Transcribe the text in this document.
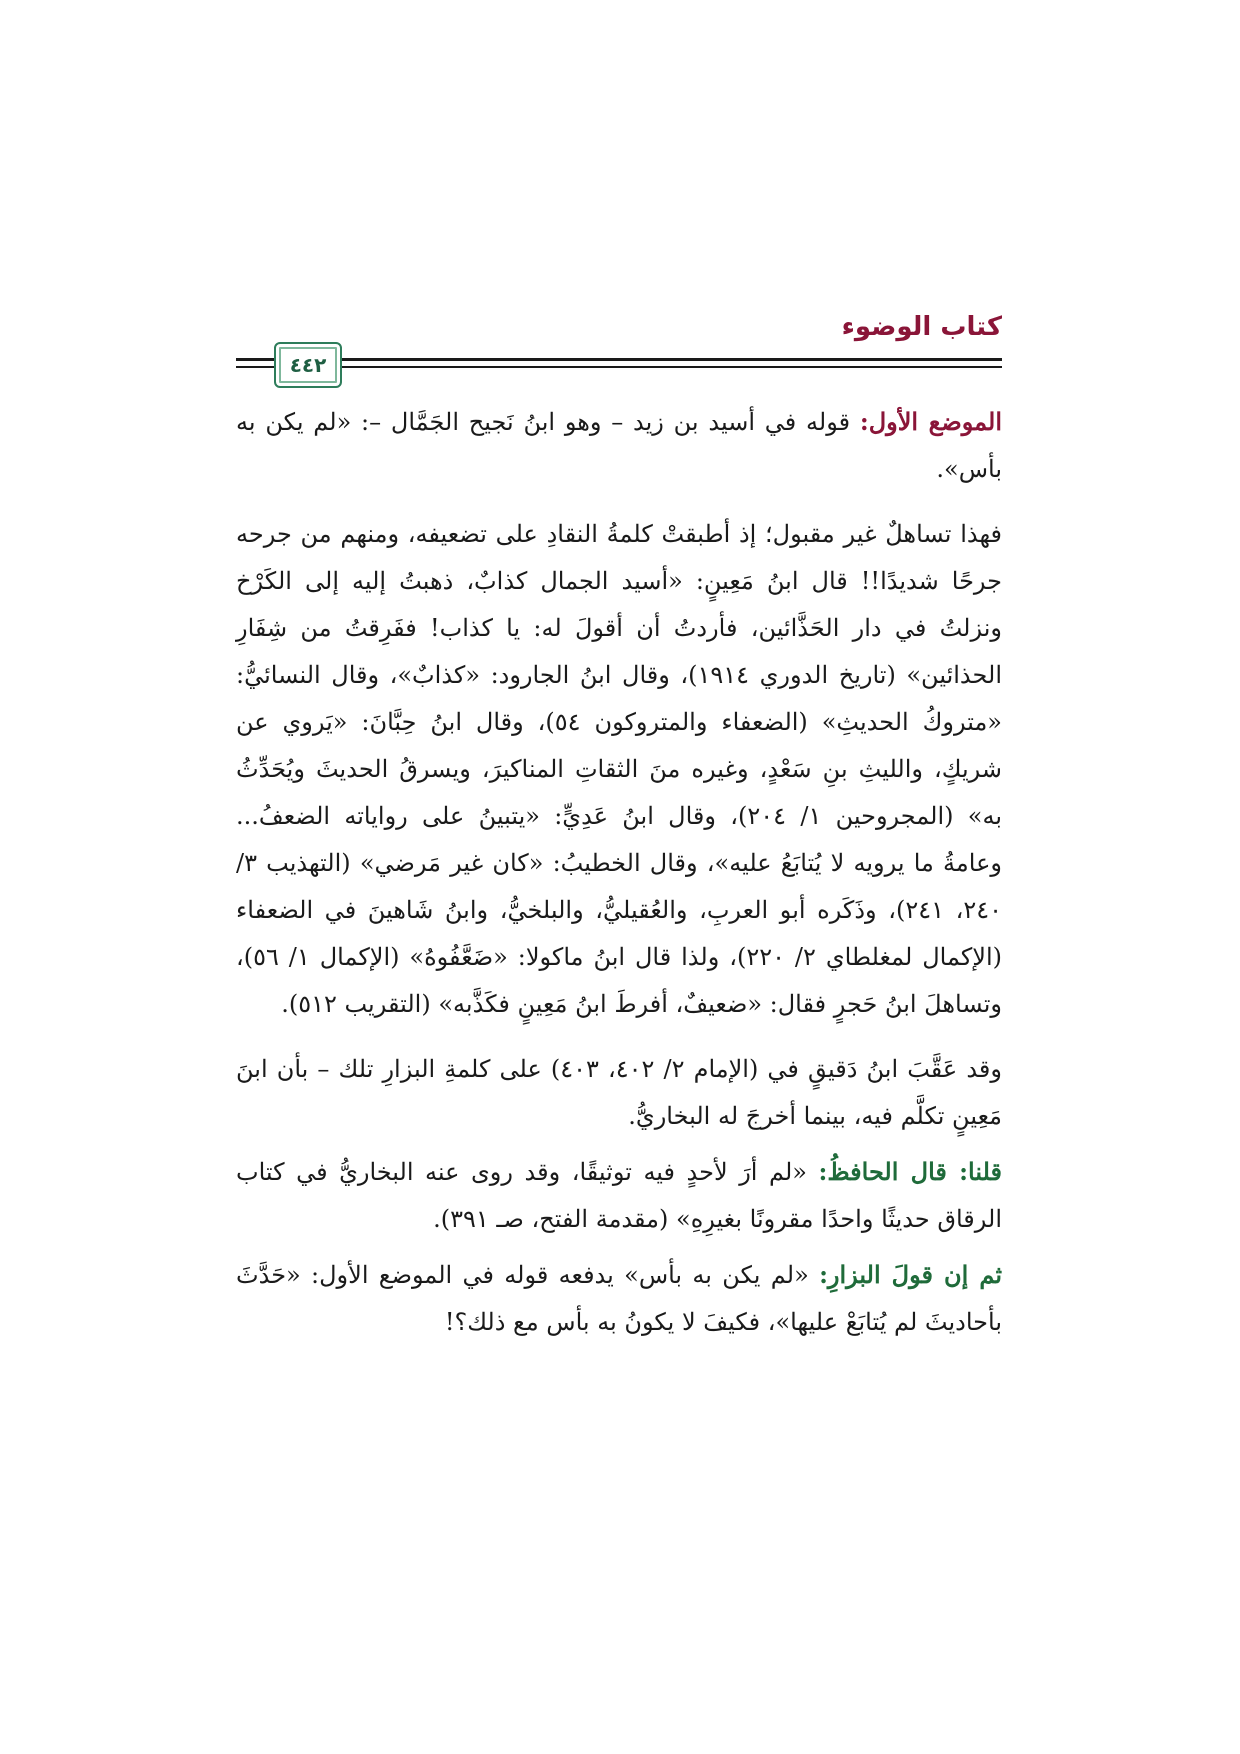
كتاب الوضوء
٤٤٢

الموضع الأول: قوله في أسيد بن زيد – وهو ابنُ نَجيح الجَمَّال –: «لم يكن به بأس».

فهذا تساهلٌ غير مقبول؛ إذ أطبقتْ كلمةُ النقادِ على تضعيفه، ومنهم من جرحه جرحًا شديدًا!! قال ابنُ مَعِينٍ: «أسيد الجمال كذابٌ، ذهبتُ إليه إلى الكَرْخ ونزلتُ في دار الحَذَّائين، فأردتُ أن أقولَ له: يا كذاب! ففَرِقتُ من شِفَارِ الحذائين» (تاريخ الدوري ١٩١٤)، وقال ابنُ الجارود: «كذابٌ»، وقال النسائيُّ: «متروكُ الحديثِ» (الضعفاء والمتروكون ٥٤)، وقال ابنُ حِبَّانَ: «يَروي عن شريكٍ، والليثِ بنِ سَعْدٍ، وغيره منَ الثقاتِ المناكيرَ، ويسرقُ الحديثَ ويُحَدِّثُ به» (المجروحين ١/ ٢٠٤)، وقال ابنُ عَدِيٍّ: «يتبينُ على رواياته الضعفُ... وعامةُ ما يرويه لا يُتابَعُ عليه»، وقال الخطيبُ: «كان غير مَرضي» (التهذيب ٣/ ٢٤٠، ٢٤١)، وذَكَره أبو العربِ، والعُقيليُّ، والبلخيُّ، وابنُ شَاهينَ في الضعفاء (الإكمال لمغلطاي ٢/ ٢٢٠)، ولذا قال ابنُ ماكولا: «ضَعَّفُوهُ» (الإكمال ١/ ٥٦)، وتساهلَ ابنُ حَجرٍ فقال: «ضعيفٌ، أفرطَ ابنُ مَعِينٍ فكَذَّبه» (التقريب ٥١٢).

وقد عَقَّبَ ابنُ دَقيقٍ في (الإمام ٢/ ٤٠٢، ٤٠٣) على كلمةِ البزارِ تلك – بأن ابنَ مَعِينٍ تكلَّم فيه، بينما أخرجَ له البخاريُّ.

قلنا: قال الحافظُ: «لم أرَ لأحدٍ فيه توثيقًا، وقد روى عنه البخاريُّ في كتاب الرقاق حديثًا واحدًا مقرونًا بغيرِهِ» (مقدمة الفتح، صـ ٣٩١).

ثم إن قولَ البزارِ: «لم يكن به بأس» يدفعه قوله في الموضع الأول: «حَدَّثَ بأحاديثَ لم يُتابَعْ عليها»، فكيفَ لا يكونُ به بأس مع ذلك؟!
